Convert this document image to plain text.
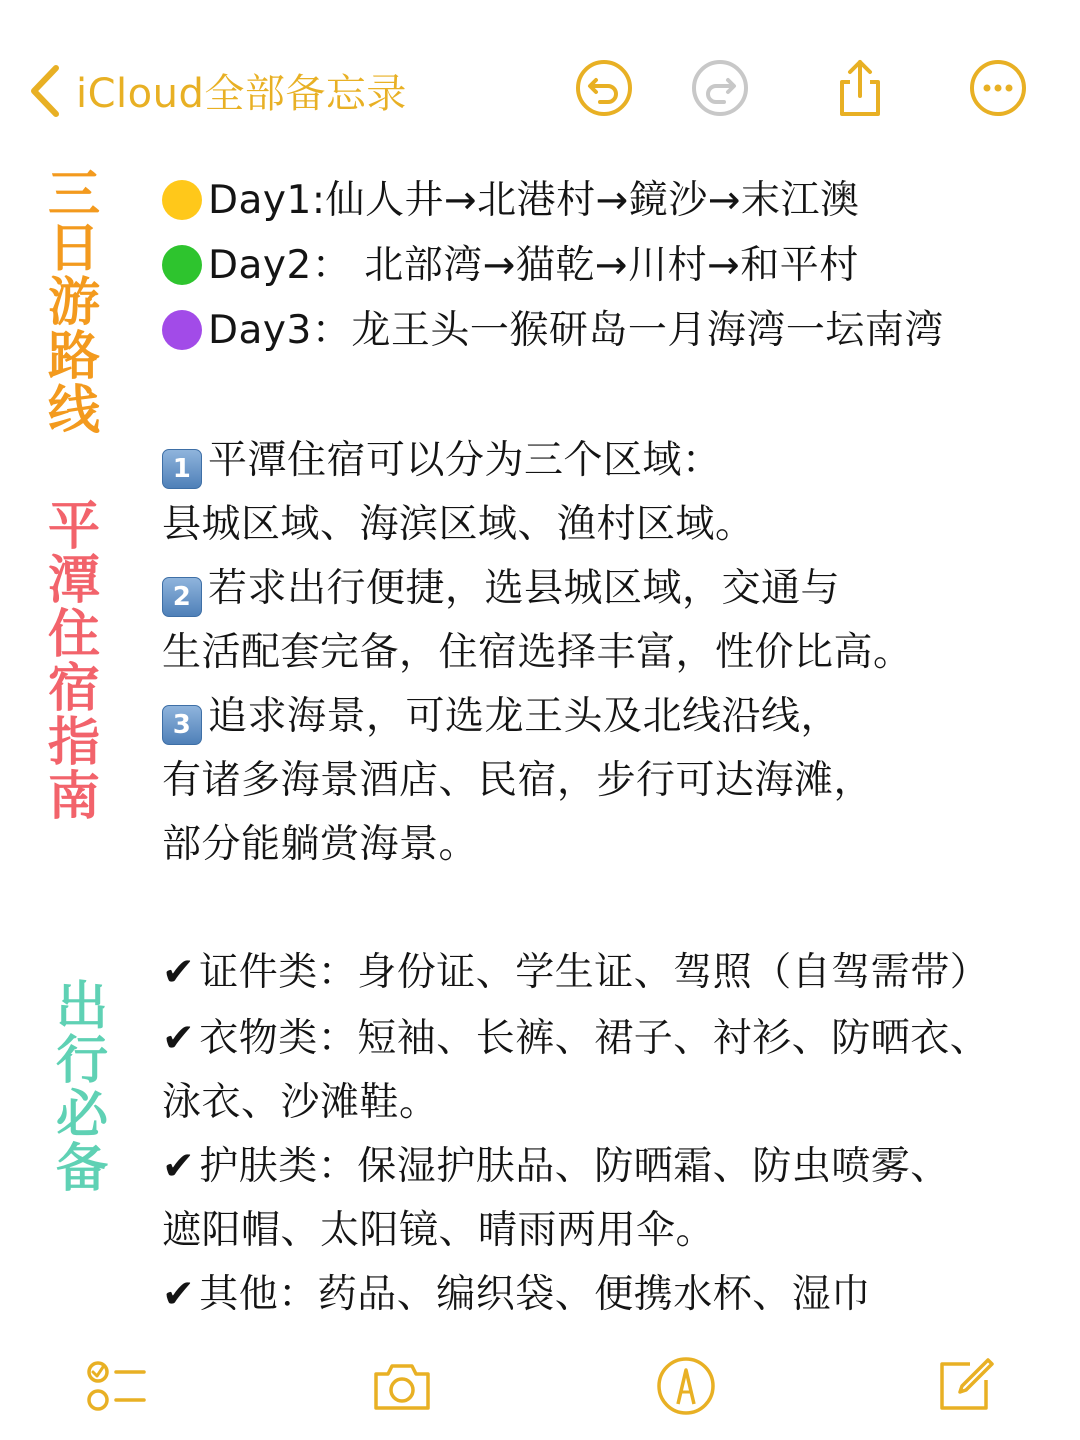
iCloud全部备忘录
三日游路线
平潭住宿指南
出行必备
Day1:仙人井→北港村→鏡沙→末江澳
Day2： 北部湾→猫乾→川村→和平村
Day3：龙王头一猴研岛一月海湾一坛南湾
1 平潭住宿可以分为三个区域：
县城区域、海滨区域、渔村区域。
2 若求出行便捷，选县城区域，交通与
生活配套完备，住宿选择丰富，性价比高。
3 追求海景，可选龙王头及北线沿线，
有诸多海景酒店、民宿，步行可达海滩，
部分能躺赏海景。
✔ 证件类：身份证、学生证、驾照（自驾需带）
✔ 衣物类：短袖、长裤、裙子、衬衫、防晒衣、
泳衣、沙滩鞋。
✔ 护肤类：保湿护肤品、防晒霜、防虫喷雾、
遮阳帽、太阳镜、晴雨两用伞。
✔ 其他：药品、编织袋、便携水杯、湿巾
